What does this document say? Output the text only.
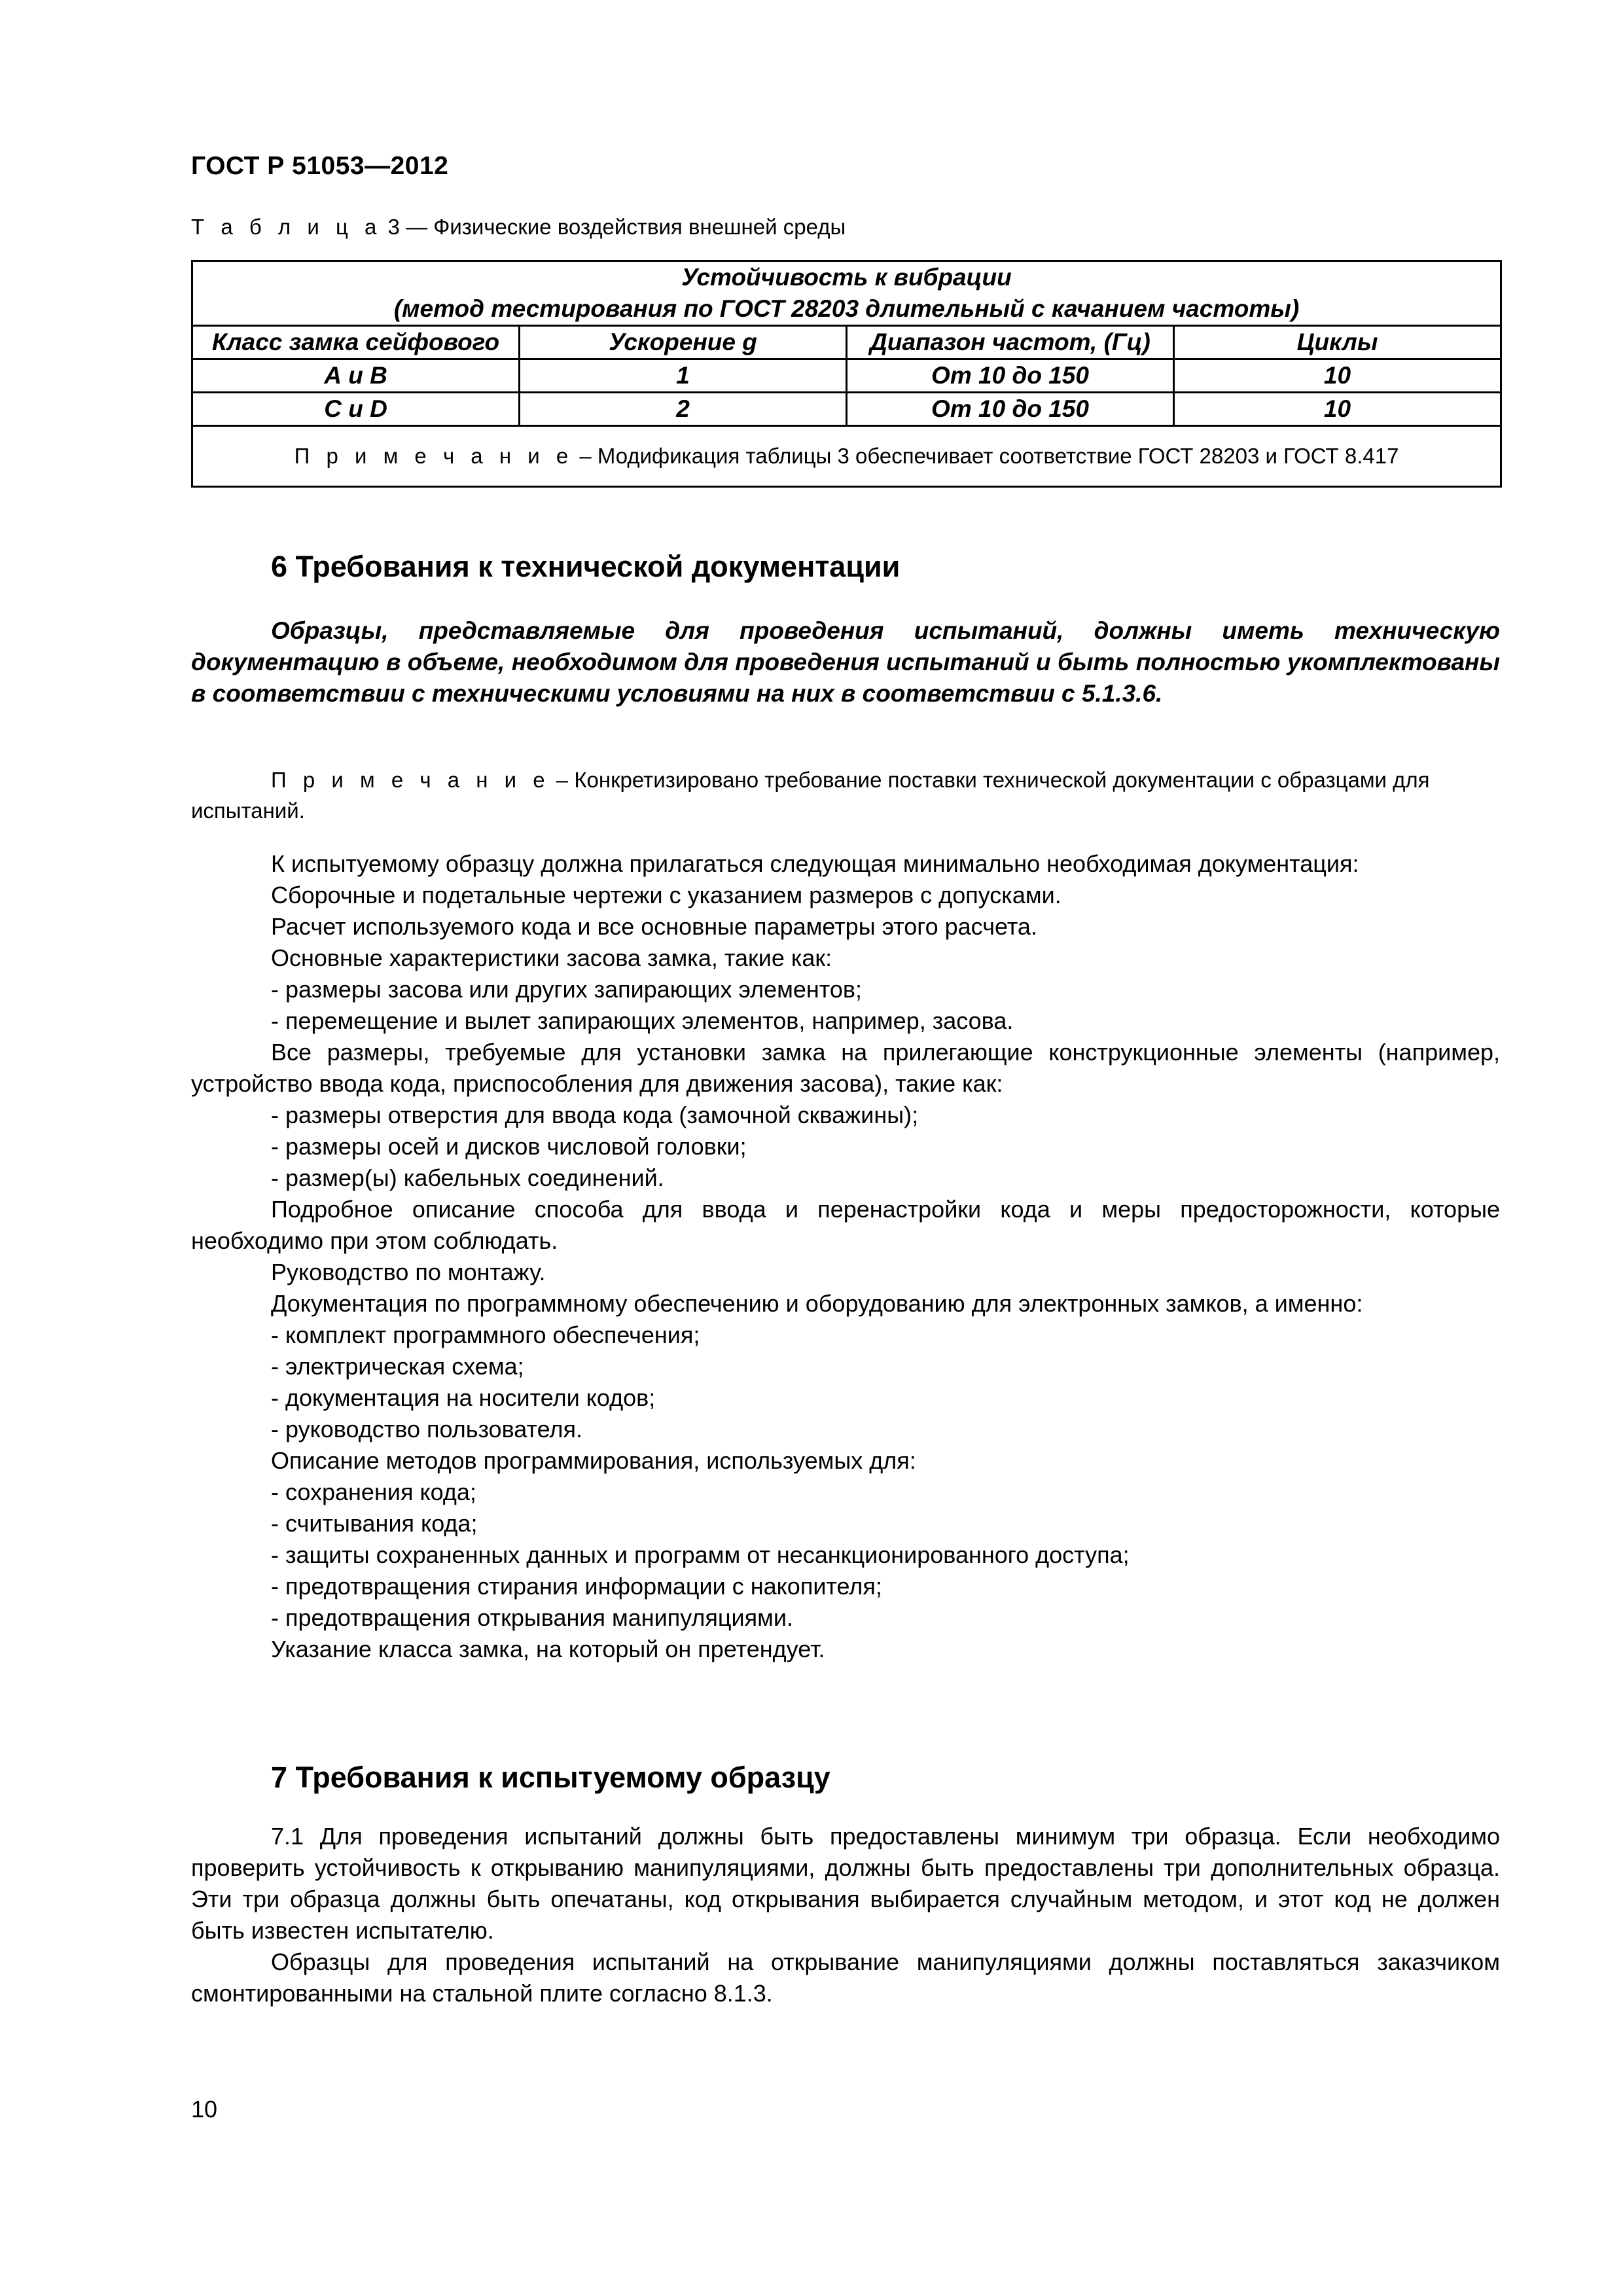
ГОСТ Р 51053—2012
Т а б л и ц а 3 — Физические воздействия внешней среды
Устойчивость к вибрации
(метод тестирования по ГОСТ 28203 длительный с качанием частоты)			

Класс замка сейфового	Ускорение g	Диапазон частот, (Гц)	Циклы
А и В	1	От 10 до 150	10
С и D	2	От 10 до 150	10
П р и м е ч а н и е – Модификация таблицы 3 обеспечивает соответствие ГОСТ 28203 и ГОСТ 8.417			
6 Требования к технической документации
Образцы, представляемые для проведения испытаний, должны иметь техническую документацию в объеме, необходимом для проведения испытаний и быть полностью укомплектованы в соответствии с техническими условиями на них в соответствии с 5.1.3.6.
П р и м е ч а н и е – Конкретизировано требование поставки технической документации с образцами для испытаний.

К испытуемому образцу должна прилагаться следующая минимально необходимая документация:

Сборочные и подетальные чертежи с указанием размеров с допусками.

Расчет используемого кода и все основные параметры этого расчета.

Основные характеристики засова замка, такие как:

- размеры засова или других запирающих элементов;

- перемещение и вылет запирающих элементов, например, засова.

Все размеры, требуемые для установки замка на прилегающие конструкционные элементы (например, устройство ввода кода, приспособления для движения засова), такие как:

- размеры отверстия для ввода кода (замочной скважины);

- размеры осей и дисков числовой головки;

- размер(ы) кабельных соединений.

Подробное описание способа для ввода и перенастройки кода и меры предосторожности, которые необходимо при этом соблюдать.

Руководство по монтажу.

Документация по программному обеспечению и оборудованию для электронных замков, а именно:

- комплект программного обеспечения;

- электрическая схема;

- документация на носители кодов;

- руководство пользователя.

Описание методов программирования, используемых для:

- сохранения кода;

- считывания кода;

- защиты сохраненных данных и программ от несанкционированного доступа;

- предотвращения стирания информации с накопителя;

- предотвращения открывания манипуляциями.

Указание класса замка, на который он претендует.

7 Требования к испытуемому образцу

7.1 Для проведения испытаний должны быть предоставлены минимум три образца. Если необходимо проверить устойчивость к открыванию манипуляциями, должны быть предоставлены три дополнительных образца. Эти три образца должны быть опечатаны, код открывания выбирается случайным методом, и этот код не должен быть известен испытателю.

Образцы для проведения испытаний на открывание манипуляциями должны поставляться заказчиком смонтированными на стальной плите согласно 8.1.3.

10
